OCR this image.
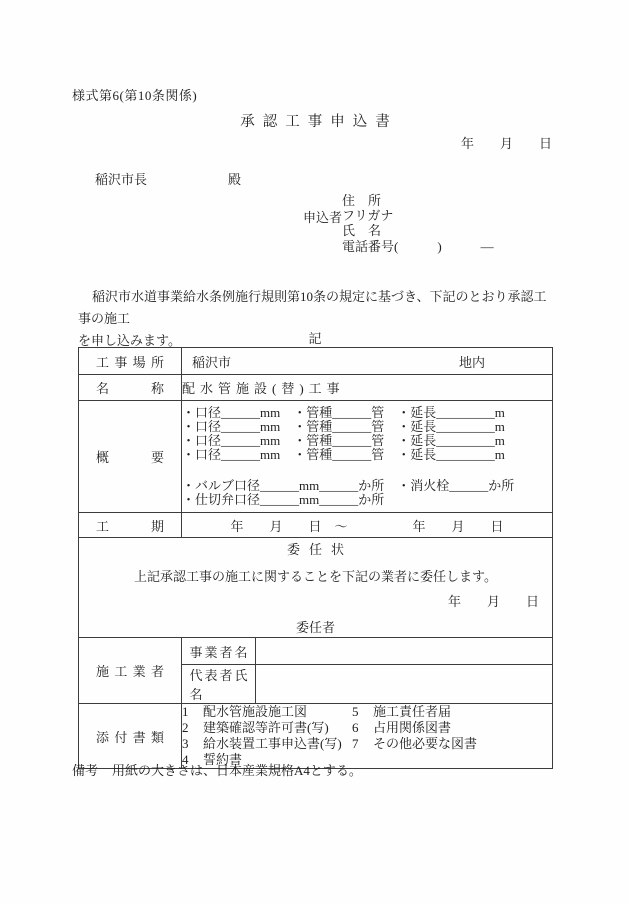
様式第6(第10条関係)
承認工事申込書
年　　月　　日
稲沢市長	殿
申込者
住　所
フリガナ
氏　名
電話番号(　　　)　　　—
稲沢市水道事業給水条例施行規則第10条の規定に基づき、下記のとおり承認工事の施工
を申し込みます。	記
工事場所	稲沢市 地内	

名称	配水管施設(替)工事	

概要

・口径______mm　・管種______管　・延長_________m
・口径______mm　・管種______管　・延長_________m
・口径______mm　・管種______管　・延長_________m
・口径______mm　・管種______管　・延長_________m
・バルブ口径______mm______か所　・消火栓______か所
・仕切弁口径______mm______か所

工期	年　　月　　日　～　　　　　年　　月　　日	

委任状
上記承認工事の施工に関することを下記の業者に委任します。
年　　月　　日
委任者		

施工業者	事業者名	

	代表者氏名	

添付書類

1	配水管施設施工図
2	建築確認等許可書(写)
3	給水装置工事申込書(写)
4	誓約書
5	施工責任者届
6	占用関係図書
7	その他必要な図書
備考 用紙の大きさは、日本産業規格A4とする。
